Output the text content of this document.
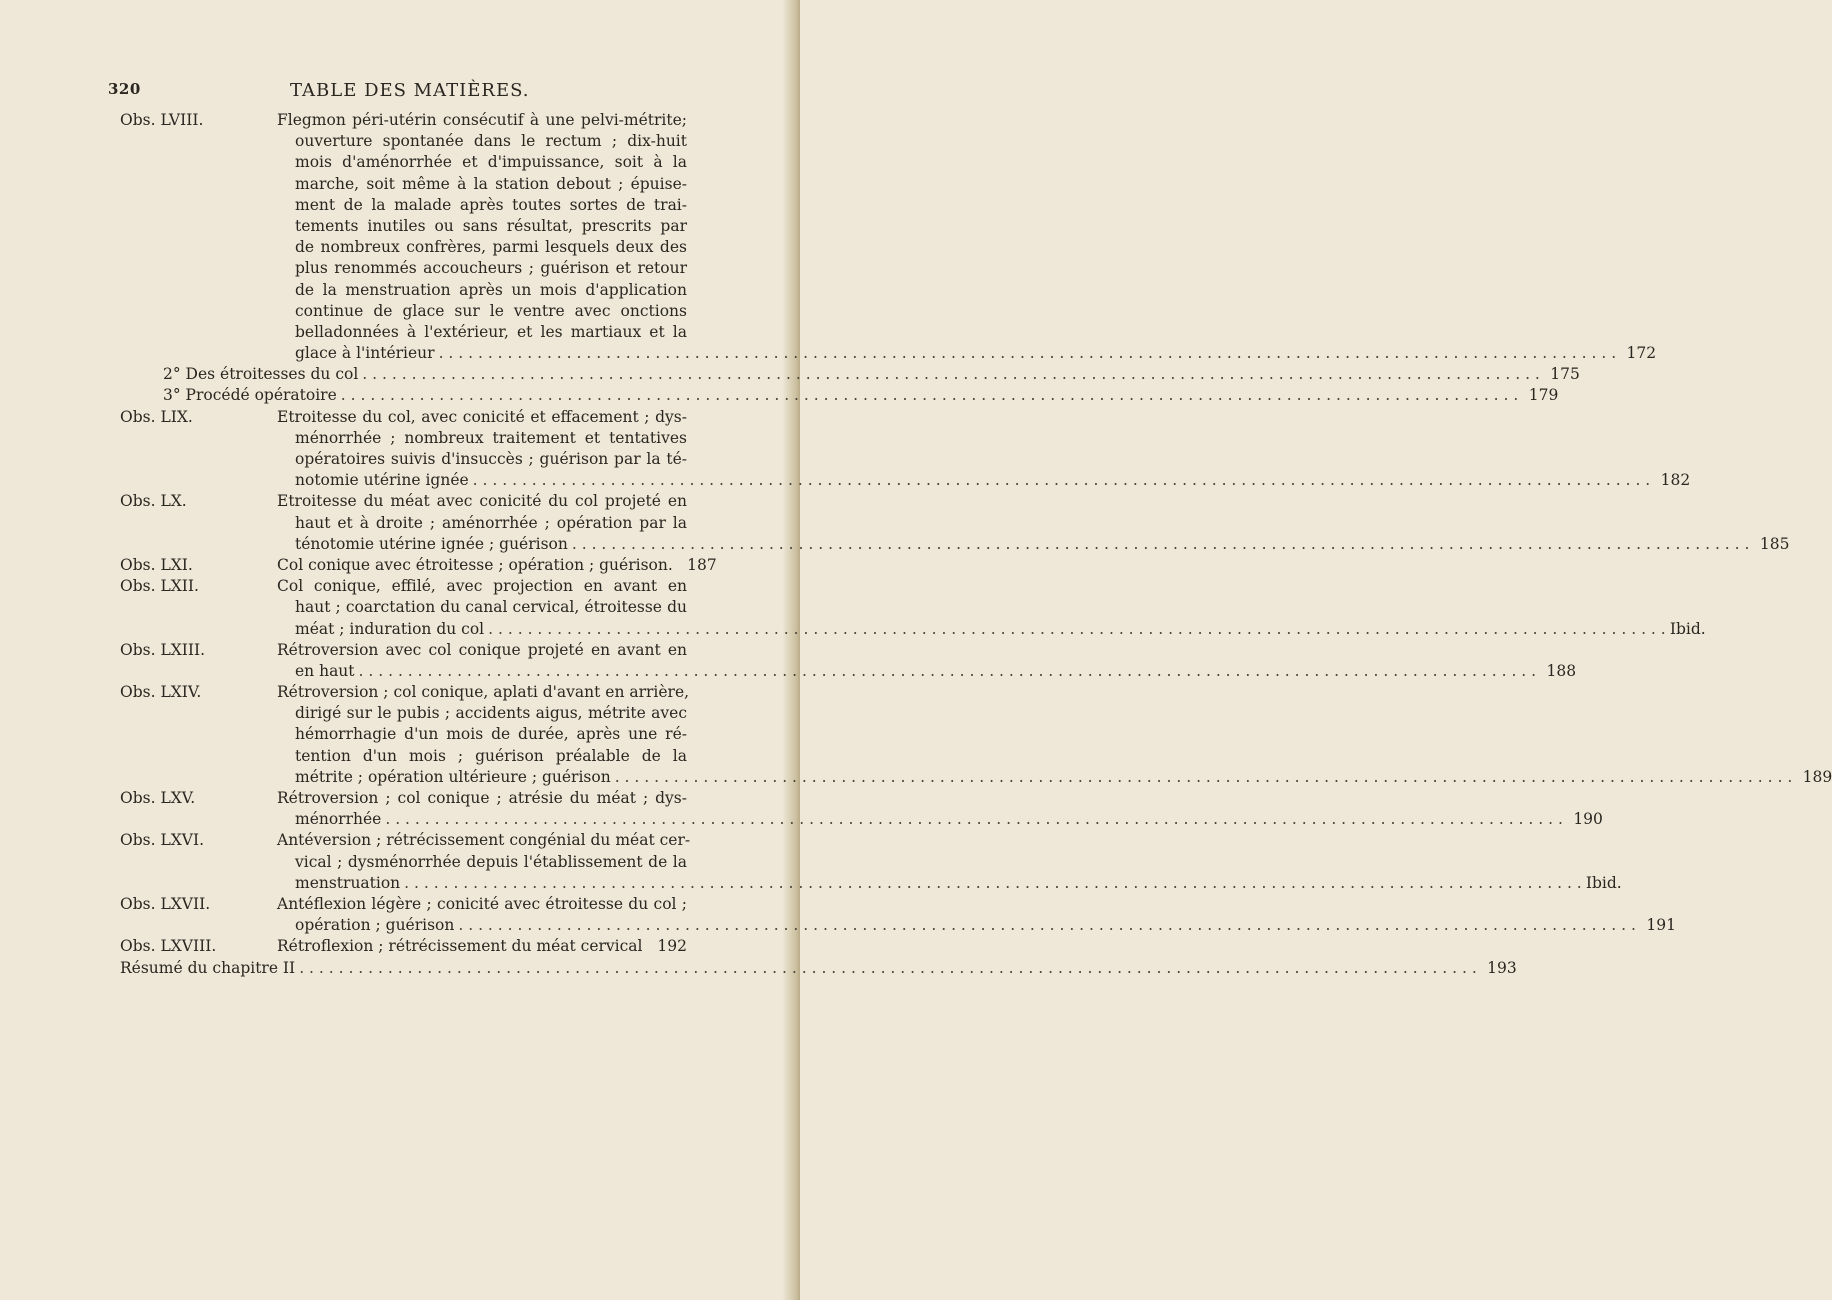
320	TABLE DES MATIÈRES.
Obs. LVIII.	Flegmon péri-utérin consécutif à une pelvi-métrite;
ouverture spontanée dans le rectum ; dix-huit
mois d'aménorrhée et d'impuissance, soit à la
marche, soit même à la station debout ; épuise-
ment de la malade après toutes sortes de trai-
tements inutiles ou sans résultat, prescrits par
de nombreux confrères, parmi lesquels deux des
plus renommés accoucheurs ; guérison et retour
de la menstruation après un mois d'application
continue de glace sur le ventre avec onctions
belladonnées à l'extérieur, et les martiaux et la
glace à l'intérieur . . .	172
2° Des étroitesses du col . . .	175
3° Procédé opératoire . . .	179
Obs. LIX.	Etroitesse du col, avec conicité et effacement ; dys-
ménorrhée ; nombreux traitement et tentatives
opératoires suivis d'insuccès ; guérison par la té-
notomie utérine ignée . . .	182
Obs. LX.	Etroitesse du méat avec conicité du col projeté en
haut et à droite ; aménorrhée ; opération par la
ténotomie utérine ignée ; guérison . . .	185
Obs. LXI.	Col conique avec étroitesse ; opération ; guérison. 187
Obs. LXII.	Col conique, effilé, avec projection en avant en
haut ; coarctation du canal cervical, étroitesse du
méat ; induration du col . . .	Ibid.
Obs. LXIII.	Rétroversion avec col conique projeté en avant en
en haut . . .	188
Obs. LXIV.	Rétroversion ; col conique, aplati d'avant en arrière,
dirigé sur le pubis ; accidents aigus, métrite avec
hémorrhagie d'un mois de durée, après une ré-
tention d'un mois ; guérison préalable de la
métrite ; opération ultérieure ; guérison . . .	189
Obs. LXV.	Rétroversion ; col conique ; atrésie du méat ; dys-
ménorrhée . . .	190
Obs. LXVI.	Antéversion ; rétrécissement congénial du méat cer-
vical ; dysménorrhée depuis l'établissement de la
menstruation . . .	Ibid.
Obs. LXVII.	Antéflexion légère ; conicité avec étroitesse du col ;
opération ; guérison . . .	191
Obs. LXVIII.	Rétroflexion ; rétrécissement du méat cervical . . . 192
Résumé du chapitre II . . .	193
